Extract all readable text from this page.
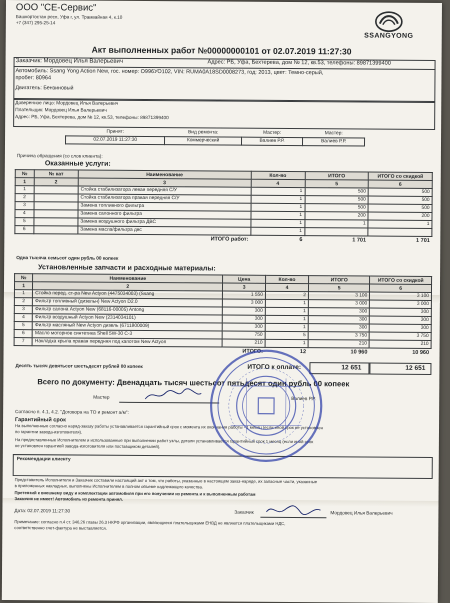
ООО "СЕ-Сервис"
Башкортостан респ, Уфа г, ул. Трамвайная 4, к.10
+7 (347) 295-25-14
SSANGYONG
Акт выполненных работ №00000000101 от 02.07.2019 11:27:30
Заказчик: Мордовец Илья Валерьевич	Адрес: РБ, Уфа, Бехтерева, дом № 12, кв.53, телефоны: 89871399400
Автомобиль: Ssang Yong Action New, гос. номер: О996УО102, VIN: RUMA0A18SD0008273, год: 2013, цвет: Темно-серый,
пробег: 80964
Двигатель: Бензиновый
Доверенное лицо: Мордовец Илья Валерьевич
Плательщик: Мордовец Илья Валерьевич
Адрес: РБ, Уфа, Бехтерева, дом № 12, кв.53, телефоны: 89871399400
Принят:	Вид ремонта:	Мастер:	Мастер:
02.07.2019 11:27:30	Коммерческий	Валиев Р.Р.	Валиев Р.Р.
Причина обращения (со слов клиента):
Оказанные услуги:
№	№ кат	Наименование	Кол-во	ИТОГО	ИТОГО со скидкой
1	2	3	4	5	6
1		Стойка стабилизатора левая передняя С/У	1	500	500
2		Стойка стабилизатора правая передняя С/У	1	500	500
3		Замена топливного фильтра	1	500	500
4		Замена салонного фильтра	1	200	200
5		Замена воздушного фильтра ДВС	1	1	1
6		Замена масла/фильтра двс	1		
ИТОГО работ:			6	1 701	1 701
Одна тысяча семьсот один рубль 00 копеек
Установленные запчасти и расходные материалы:
№	Наименование	Цена	Кол-во	ИТОГО	ИТОГО со скидкой
1	2	3	4	5	6
1	Стойка перед. ст-ра New Actyon (4475034003) (Ssang	1 550	2	3 100	3 100
2	Фильтр топливный (дизельн) New Actyon D2.0	3 000	1	3 000	3 000
3	Фильтр салона Actyon New (68116-00005) Antong	300	1	300	300
4	Фильтр воздушный Actyon New (2314034101)	300	1	300	300
5	Фильтр масляный New Actyon дизель (6711800009)	300	1	300	300
6	Масло моторное синтетика Shell 5W-30 C-3	750	5	3 750	3 750
7	Накладка крыла правая передняя под капотом New Actyon	210	1	210	210
ИТОГО:			12	10 960	10 960
Десять тысяч девятьсот шестьдесят рублей 00 копеек	ИТОГО к оплате:	12 651	12 651
Всего по документу: Двенадцать тысяч шестьсот пятьдесят один рубль 00 копеек
Мастер	Валиев Р.Р.
Согласно п. 4.1, 4.2. "Договора на ТО и ремонт а/м":
Гарантийный срок
На выполненные согласно наряд-заказу работы устанавливается гарантийный срок с момента их окончания работы - 1 месяц (если иной срок не установлен
по гарантии завода-изготовителя).
На предоставленные Исполнителем и использованные при выполнении работ узлы, детали устанавливается гарантийный срок 1 месяц (если иной срок
не установлен гарантией завода-изготовителя или поставщиком деталей).
Рекомендации клиенту
Представитель Исполнителя и Заказчик составили настоящий акт о том, что работы, указанные в настоящем заказ-наряде, их запасные части, указанные
в приложенных накладных, выполнены Исполнителем в полном объеме надлежащего качества.
Претензий к внешнему виду и комплектации автомобиля при его получении из ремонта и к выполненным работам
Заказчик не имеет! Автомобиль из ремонта принял.
Дата: 02.07.2019 11:27:30	Заказчик	Мордовец Илья Валерьевич
Примечание: согласно п.4 ст. 346.26 главы 26.3 НКРФ организации, являющиеся плательщиками ЕНВД не являются плательщиками НДС,
соответственно счет-фактура не выставляется.
